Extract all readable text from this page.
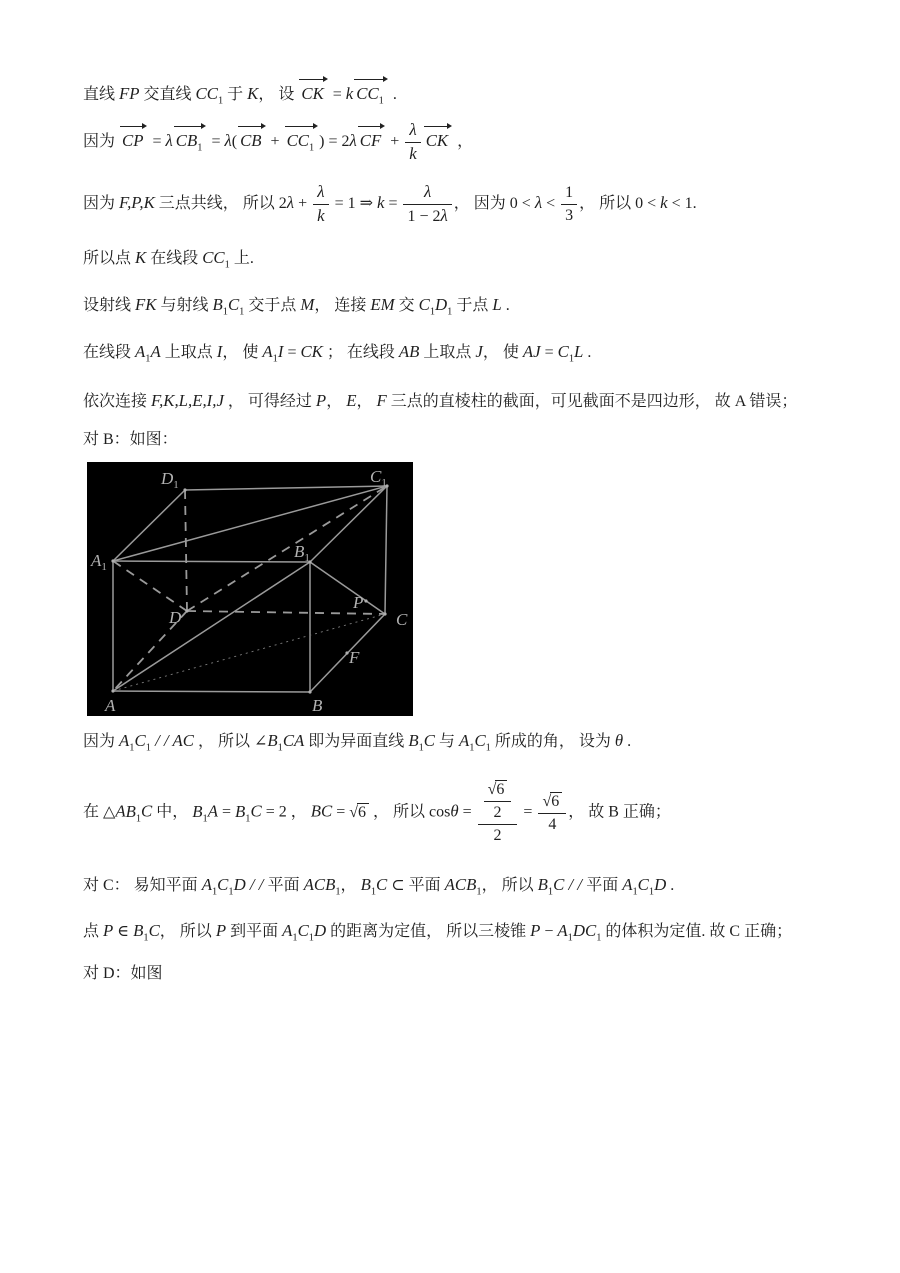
直线 FP 交直线 $CC_1$ 于 K， 设 CK = k $CC_1$ .
因为 CP = λ $CB_1 = \lambda$( CB + $CC_1$ ) = 2λ CF + $\frac{\lambda}{k}$ CK ，
因为 F,P,K 三点共线， 所以 $2\lambda + \frac{\lambda}{k} = 1$ ⇒ $k = \frac{\lambda}{1 - 2\lambda}$ ， 因为 $0 < \lambda < \frac{1}{3}$ ， 所以 0 < k < 1.
所以点 K 在线段 $CC_1$ 上.
设射线 FK 与射线 $B_1C_1$ 交于点 M， 连接 EM 交 $C_1D_1$ 于点 L .
在线段 $A_1A$ 上取点 I， 使 $A_1I$ = CK ； 在线段 AB 上取点 J， 使 AJ = $C_1L$ .
依次连接 F,K,L,E,I,J ， 可得经过 P， E， F 三点的直棱柱的截面，可见截面不是四边形， 故 A 错误；
对 B：如图：
$D_1$	$C_1$
$A_1$
$B_1$
D	C
A	B
P
F
因为 $A_1C_1$ / / AC ， 所以 $\angle B_1CA$ 即为异面直线 $B_1C$ 与 $A_1C_1$ 所成的角， 设为 θ .
在 $\triangle AB_1C$ 中， $B_1A = B_1C = 2$ ， BC = √6 ， 所以 $\cos\theta = \frac{\frac{√6}{2}}{2} = \frac{√6}{4}$ ， 故 B 正确；
对 C： 易知平面 $A_1C_1D$ / / 平面 $ACB_1$， $B_1C$ ⊂ 平面 $ACB_1$， 所以 $B_1C$ / / 平面 $A_1C_1D$ .
点 P ∈ $B_1C$， 所以 P 到平面 $A_1C_1D$ 的距离为定值， 所以三棱锥 $P - A_1DC_1$ 的体积为定值. 故 C 正确；
对 D：如图
